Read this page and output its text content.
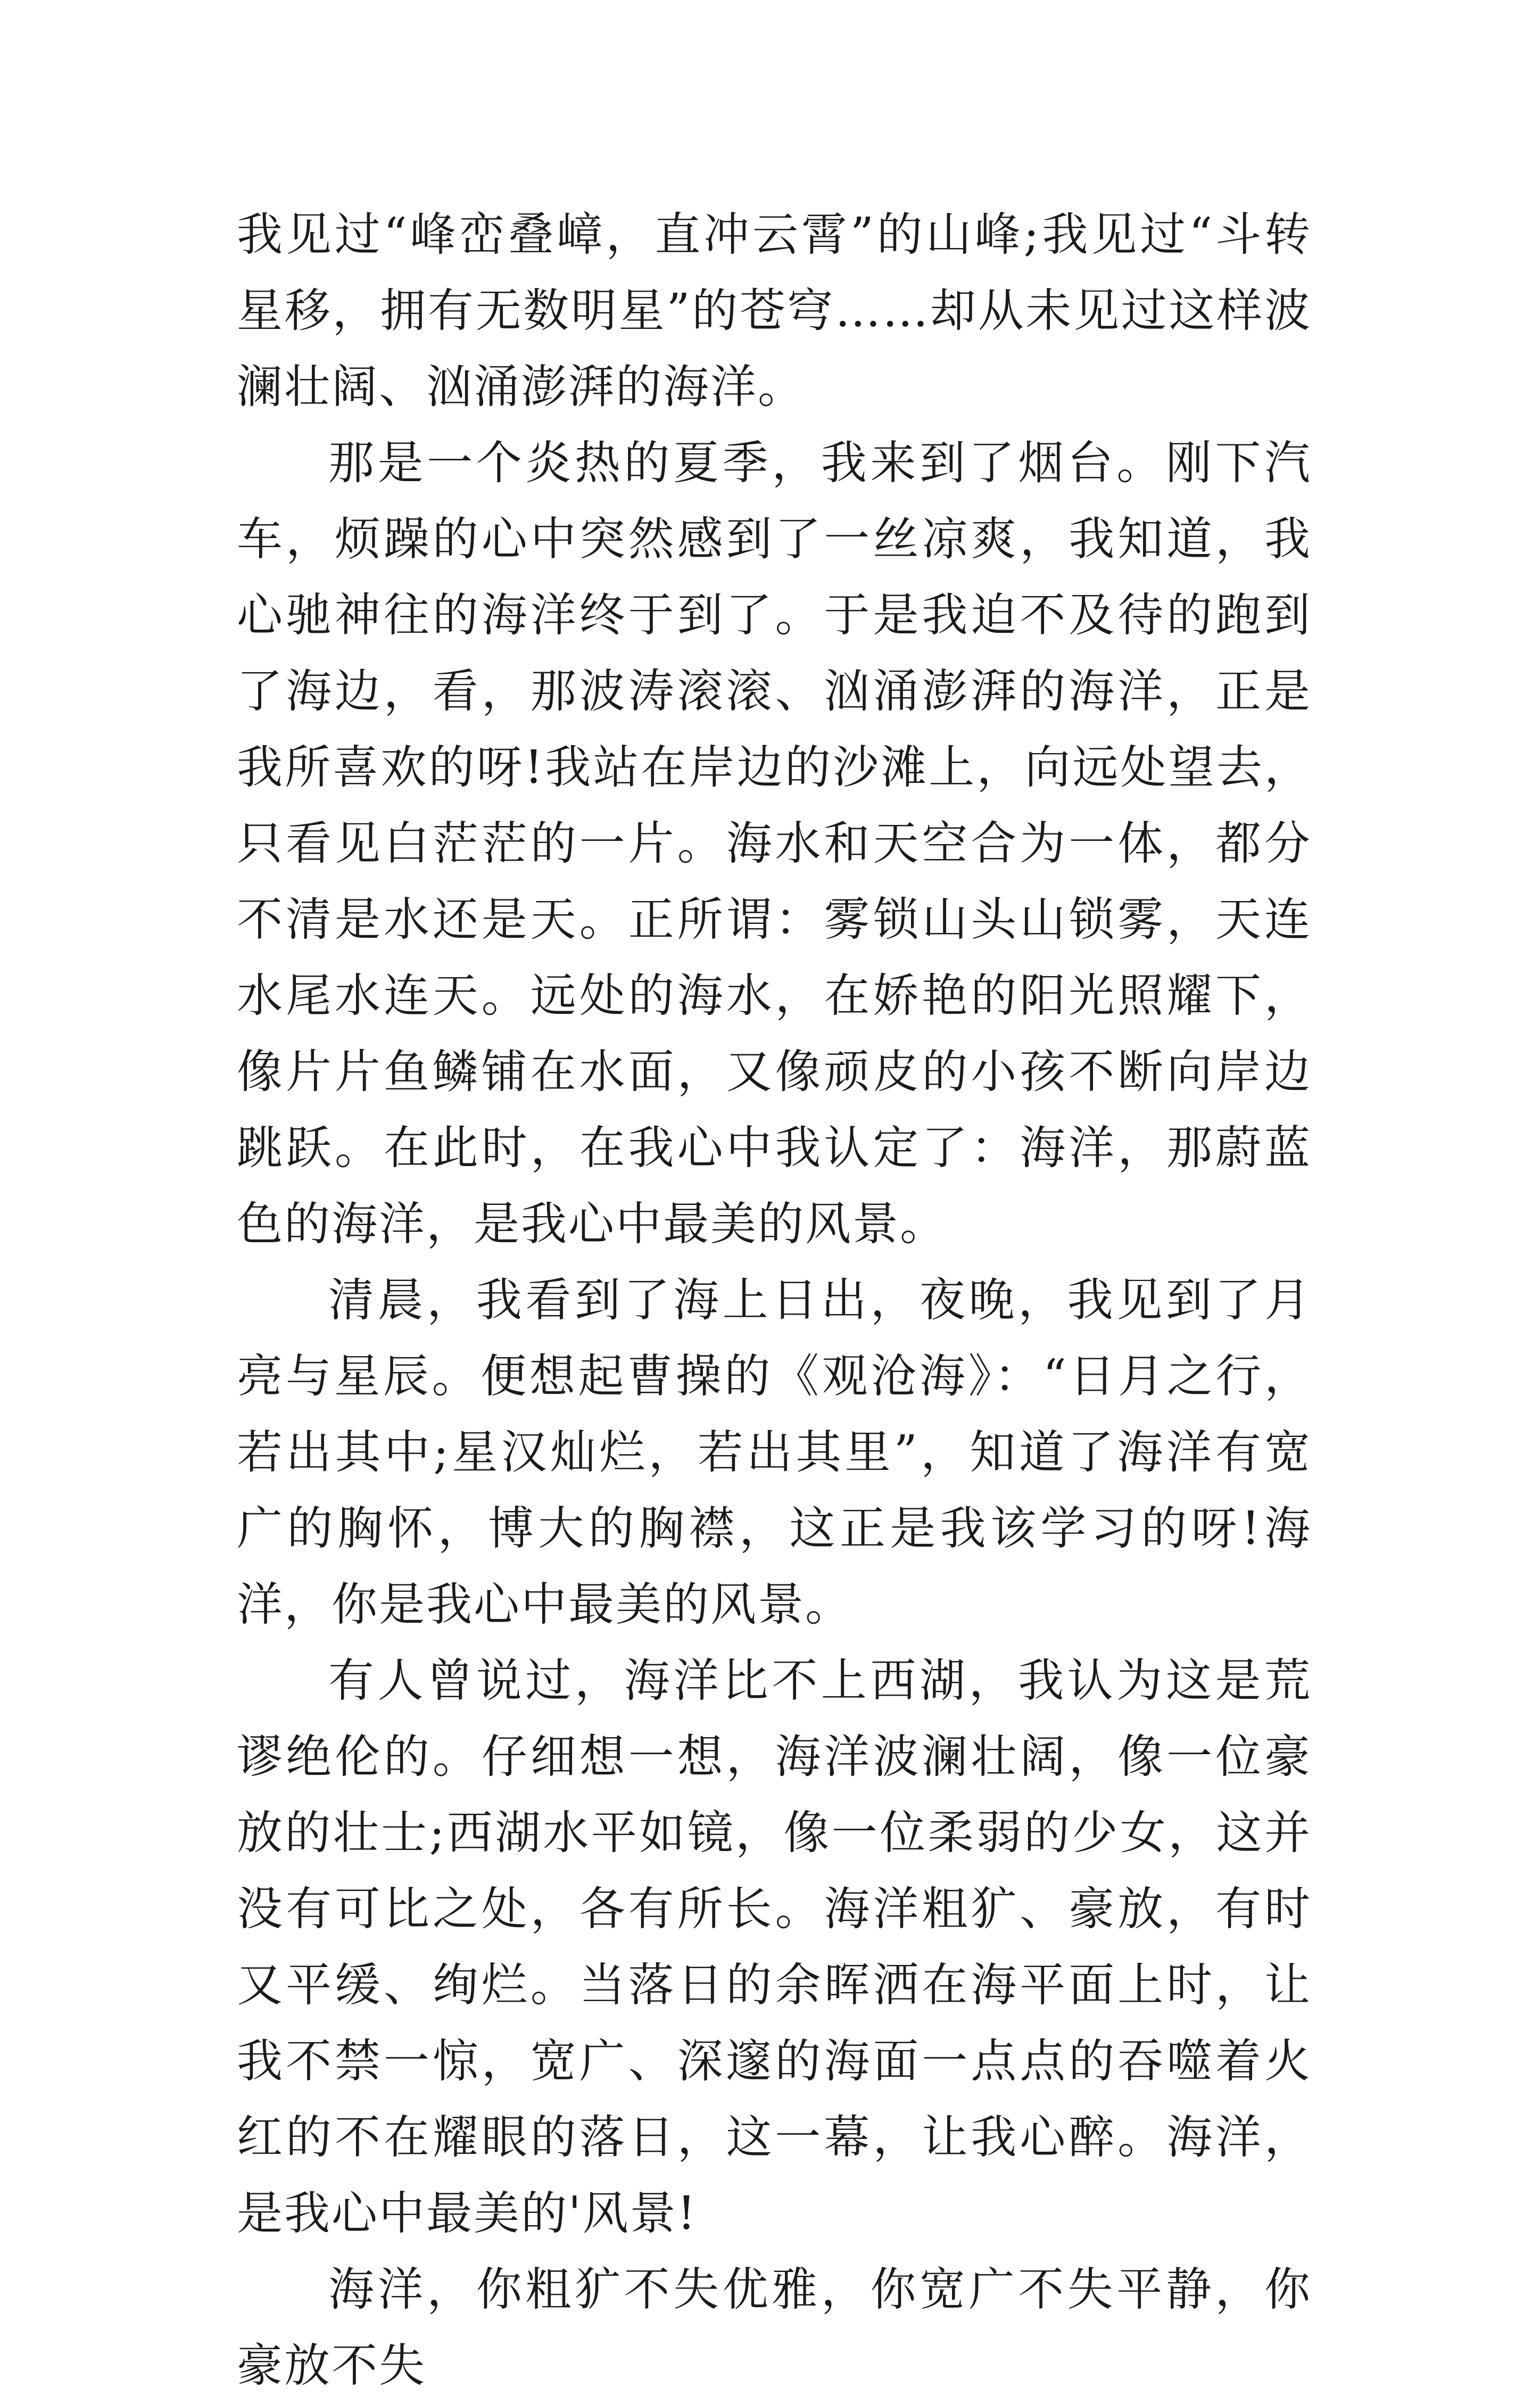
我见过“峰峦叠嶂，直冲云霄”的山峰;我见过“斗转星移，拥有无数明星”的苍穹……却从未见过这样波澜壮阔、汹涌澎湃的海洋。

那是一个炎热的夏季，我来到了烟台。刚下汽车，烦躁的心中突然感到了一丝凉爽，我知道，我心驰神往的海洋终于到了。于是我迫不及待的跑到了海边，看，那波涛滚滚、汹涌澎湃的海洋，正是我所喜欢的呀!我站在岸边的沙滩上，向远处望去，只看见白茫茫的一片。海水和天空合为一体，都分不清是水还是天。正所谓：雾锁山头山锁雾，天连水尾水连天。远处的海水，在娇艳的阳光照耀下，像片片鱼鳞铺在水面，又像顽皮的小孩不断向岸边跳跃。在此时，在我心中我认定了：海洋，那蔚蓝色的海洋，是我心中最美的风景。

清晨，我看到了海上日出，夜晚，我见到了月亮与星辰。便想起曹操的《观沧海》：“日月之行，若出其中;星汉灿烂，若出其里”，知道了海洋有宽广的胸怀，博大的胸襟，这正是我该学习的呀!海洋，你是我心中最美的风景。

有人曾说过，海洋比不上西湖，我认为这是荒谬绝伦的。仔细想一想，海洋波澜壮阔，像一位豪放的壮士;西湖水平如镜，像一位柔弱的少女，这并没有可比之处，各有所长。海洋粗犷、豪放，有时又平缓、绚烂。当落日的余晖洒在海平面上时，让我不禁一惊，宽广、深邃的海面一点点的吞噬着火红的不在耀眼的落日，这一幕，让我心醉。海洋，是我心中最美的'风景!

海洋，你粗犷不失优雅，你宽广不失平静，你豪放不失
